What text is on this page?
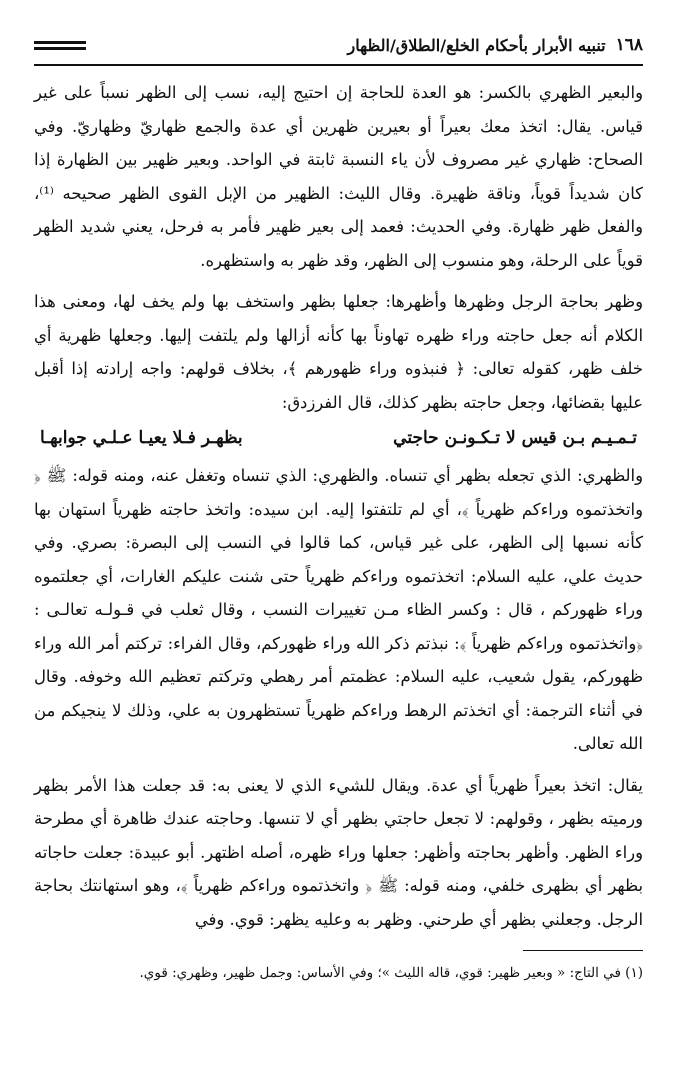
١٦٨
تنبيه الأبرار بأحكام الخلع/الطلاق/الظهار

والبعير الظهري بالكسر: هو العدة للحاجة إن احتيج إليه، نسب إلى الظهر نسباً على غير قياس. يقال: اتخذ معك بعيراً أو بعيرين ظهرين أي عدة والجمع ظهاريّ وظهاريّ. وفي الصحاح: ظهاري غير مصروف لأن ياء النسبة ثابتة في الواحد. وبعير ظهير بين الظهارة إذا كان شديداً قوياً، وناقة ظهيرة. وقال الليث: الظهير من الإبل القوى الظهر صحيحه ⁽¹⁾، والفعل ظهر ظهارة. وفي الحديث: فعمد إلى بعير ظهير فأمر به فرحل، يعني شديد الظهر قوياً على الرحلة، وهو منسوب إلى الظهر، وقد ظهر به واستظهره.

وظهر بحاجة الرجل وظهرها وأظهرها: جعلها بظهر واستخف بها ولم يخف لها، ومعنى هذا الكلام أنه جعل حاجته وراء ظهره تهاوناً بها كأنه أزالها ولم يلتفت إليها. وجعلها ظهرية أي خلف ظهر، كقوله تعالى: ﴿ فنبذوه وراء ظهورهم ﴾، بخلاف قولهم: واجه إرادته إذا أقبل عليها بقضائها، وجعل حاجته بظهر كذلك، قال الفرزدق:

تـمـيـم بـن قيس لا تـكـونـن حاجتي
بظهـر فـلا يعيـا عـلـي جوابهـا

والظهري: الذي تجعله بظهر أي تنساه. والظهري: الذي تنساه وتغفل عنه، ومنه قوله: ﷺ ﴿ واتخذتموه وراءكم ظهرياً ﴾، أي لم تلتفتوا إليه. ابن سيده: واتخذ حاجته ظهرياً استهان بها كأنه نسبها إلى الظهر، على غير قياس، كما قالوا في النسب إلى البصرة: بصري. وفي حديث علي، عليه السلام: اتخذتموه وراءكم ظهرياً حتى شنت عليكم الغارات، أي جعلتموه وراء ظهوركم ، قال : وكسر الظاء مـن تغييرات النسب ، وقال ثعلب في قـولـه تعالـى : ﴿واتخذتموه وراءكم ظهرياً ﴾: نبذتم ذكر الله وراء ظهوركم، وقال الفراء: تركتم أمر الله وراء ظهوركم، يقول شعيب، عليه السلام: عظمتم أمر رهطي وتركتم تعظيم الله وخوفه. وقال في أثناء الترجمة: أي اتخذتم الرهط وراءكم ظهرياً تستظهرون به علي، وذلك لا ينجيكم من الله تعالى.

يقال: اتخذ بعيراً ظهرياً أي عدة. ويقال للشيء الذي لا يعنى به: قد جعلت هذا الأمر بظهر ورميته بظهر ، وقولهم: لا تجعل حاجتي بظهر أي لا تنسها. وحاجته عندك ظاهرة أي مطرحة وراء الظهر. وأظهر بحاجته وأظهر: جعلها وراء ظهره، أصله اظتهر. أبو عبيدة: جعلت حاجاته بظهر أي بظهرى خلفي، ومنه قوله: ﷺ ﴿ واتخذتموه وراءكم ظهرياً ﴾، وهو استهانتك بحاجة الرجل. وجعلني بظهر أي طرحني. وظهر به وعليه يظهر: قوي. وفي

(١) في التاج: « وبعير ظهير: قوي، قاله الليث »؛ وفي الأساس: وجمل ظهير، وظهري: قوي.
